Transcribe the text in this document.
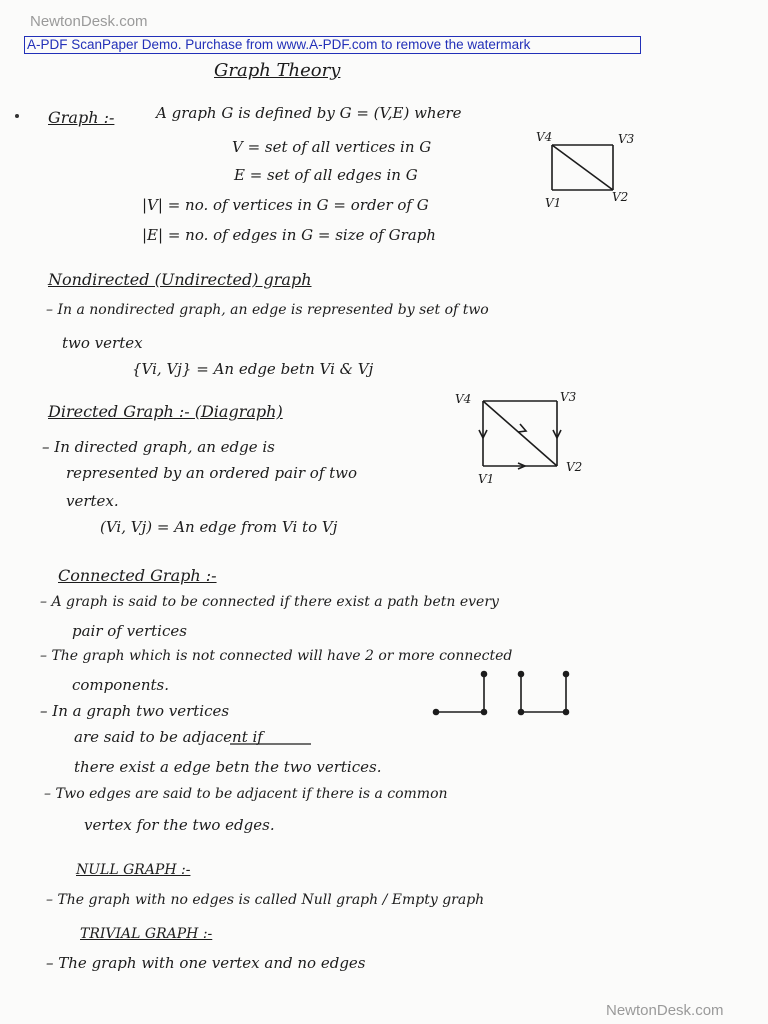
NewtonDesk.com
A-PDF ScanPaper Demo. Purchase from www.A-PDF.com to remove the watermark
NewtonDesk.com
Graph Theory
Graph :-	A graph G is defined by G = (V,E) where
V = set of all vertices in G
E = set of all edges in G
|V| = no. of vertices in G = order of G
|E| = no. of edges in G = size of Graph
V4	V3
V1	V2
Nondirected (Undirected) graph
– In a nondirected graph, an edge is represented by set of two
two vertex
{Vi, Vj} = An edge betn Vi & Vj
Directed Graph :- (Diagraph)
– In directed graph, an edge is
represented by an ordered pair of two
vertex.
(Vi, Vj) = An edge from Vi to Vj
V4	V3
V1
V2
Connected Graph :-
– A graph is said to be connected if there exist a path betn every
pair of vertices
– The graph which is not connected will have 2 or more connected
components.
– In a graph two vertices
are said to be adjacent if
there exist a edge betn the two vertices.
– Two edges are said to be adjacent if there is a common
vertex for the two edges.
NULL GRAPH :-
– The graph with no edges is called Null graph / Empty graph
TRIVIAL GRAPH :-
– The graph with one vertex and no edges
